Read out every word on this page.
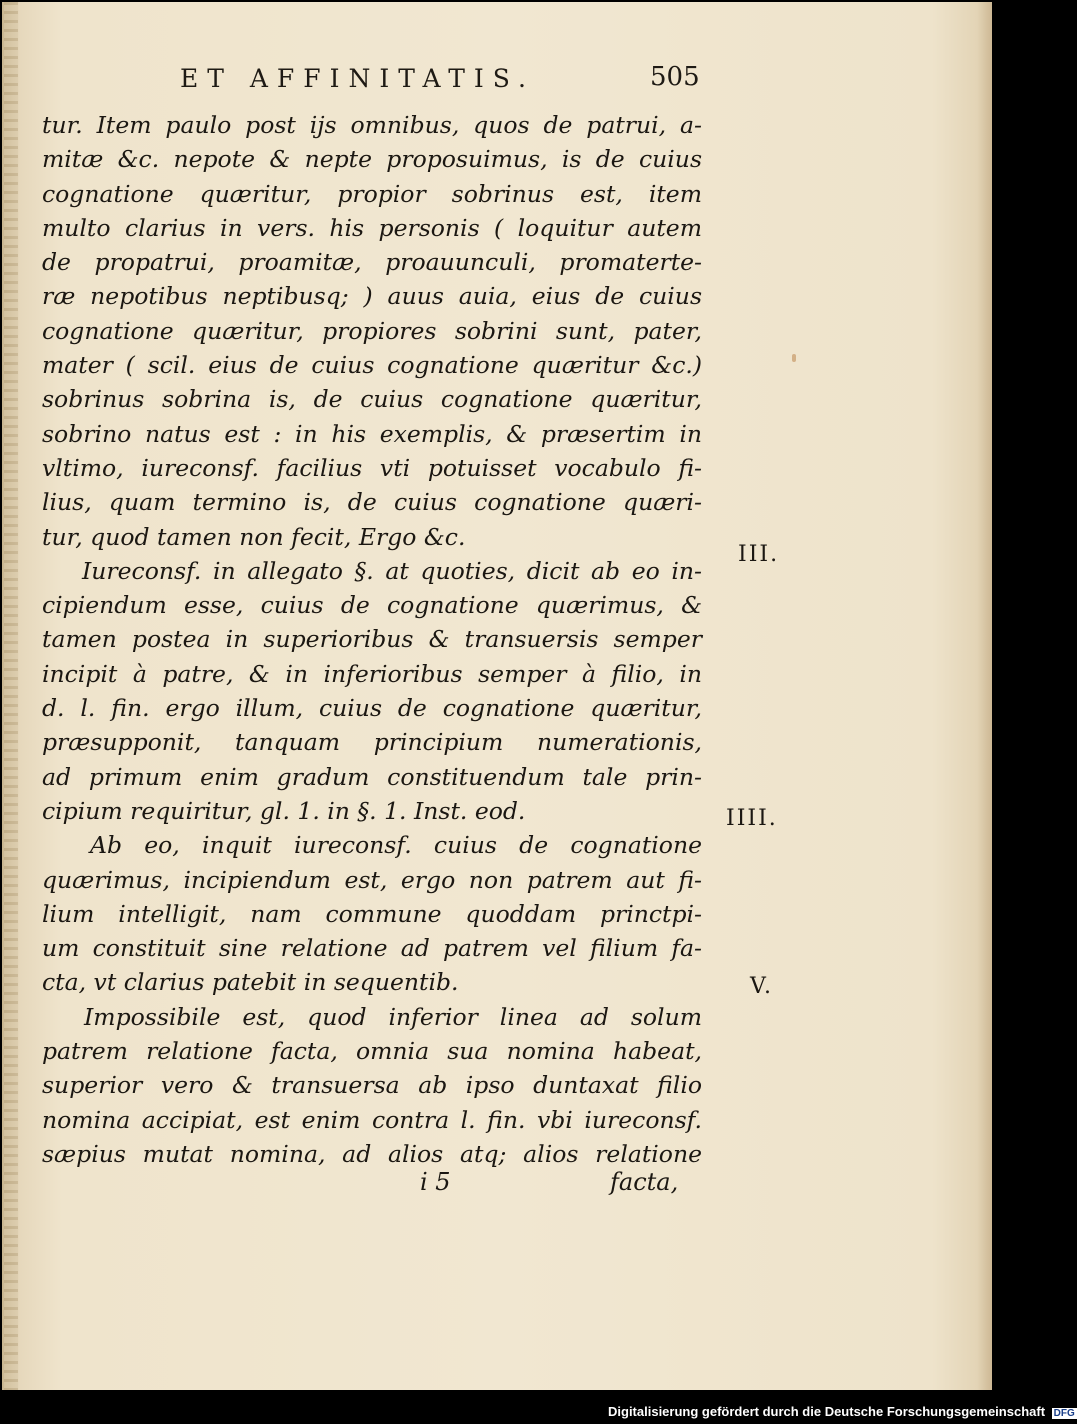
ET AFFINITATIS.	505
tur. Item paulo post ijs omnibus, quos de patrui, a-
mitæ &c. nepote & nepte proposuimus, is de cuius
cognatione quæritur, propior sobrinus est, item
multo clarius in vers. his personis ( loquitur autem
de propatrui, proamitæ, proauunculi, promaterte-
ræ nepotibus neptibusq; ) auus auia, eius de cuius
cognatione quæritur, propiores sobrini sunt, pater,
mater ( scil. eius de cuius cognatione quæritur &c.)
sobrinus sobrina is, de cuius cognatione quæritur,
sobrino natus est : in his exemplis, & præsertim in
vltimo, iureconsf. facilius vti potuisset vocabulo fi-
lius, quam termino is, de cuius cognatione quæri-
tur, quod tamen non fecit, Ergo &c.
Iureconsf. in allegato §. at quoties, dicit ab eo in-
cipiendum esse, cuius de cognatione quærimus, &
tamen postea in superioribus & transuersis semper
incipit à patre, & in inferioribus semper à filio, in
d. l. fin. ergo illum, cuius de cognatione quæritur,
præsupponit, tanquam principium numerationis,
ad primum enim gradum constituendum tale prin-
cipium requiritur, gl. 1. in §. 1. Inst. eod.
Ab eo, inquit iureconsf. cuius de cognatione
quærimus, incipiendum est, ergo non patrem aut fi-
lium intelligit, nam commune quoddam princtpi-
um constituit sine relatione ad patrem vel filium fa-
cta, vt clarius patebit in sequentib.
Impossibile est, quod inferior linea ad solum
patrem relatione facta, omnia sua nomina habeat,
superior vero & transuersa ab ipso duntaxat filio
nomina accipiat, est enim contra l. fin. vbi iureconsf.
sæpius mutat nomina, ad alios atq; alios relatione
III.
IIII.
V.
i 5	facta,
Digitalisierung gefördert durch die Deutsche Forschungsgemeinschaft DFG
